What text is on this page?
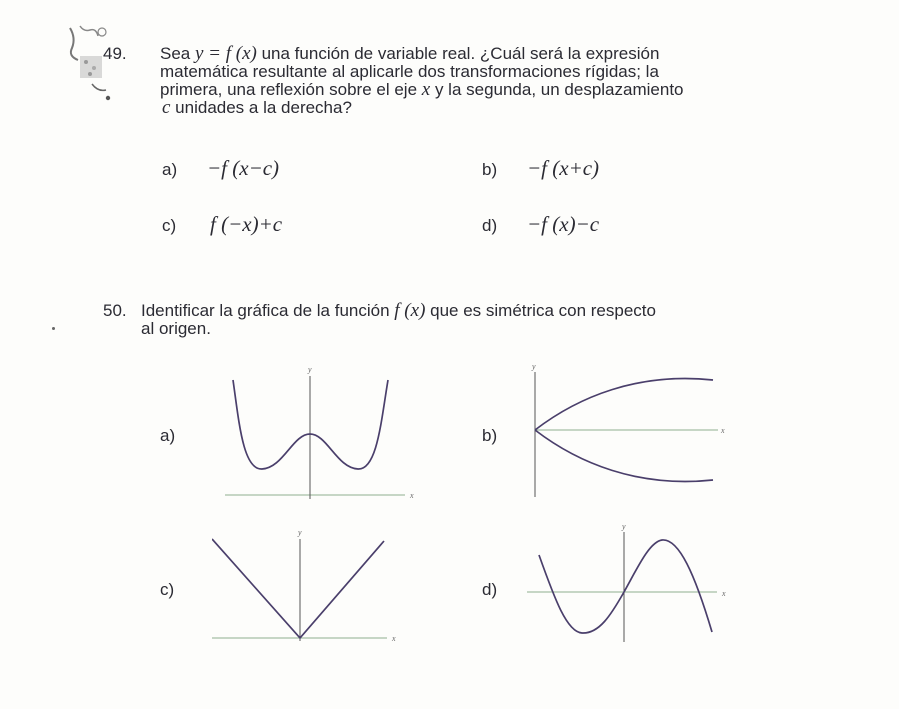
49. Sea y = f (x) una función de variable real. ¿Cuál será la expresión
matemática resultante al aplicarle dos transformaciones rígidas; la
primera, una reflexión sobre el eje x y la segunda, un desplazamiento
c unidades a la derecha?
a) −f (x−c)	b) −f (x+c)
c) f (−x)+c	d) −f (x)−c
50. Identificar la gráfica de la función f (x) que es simétrica con respecto
al origen.
a)
x
y
b)	x
y
c)
x
y
d)	x
y
